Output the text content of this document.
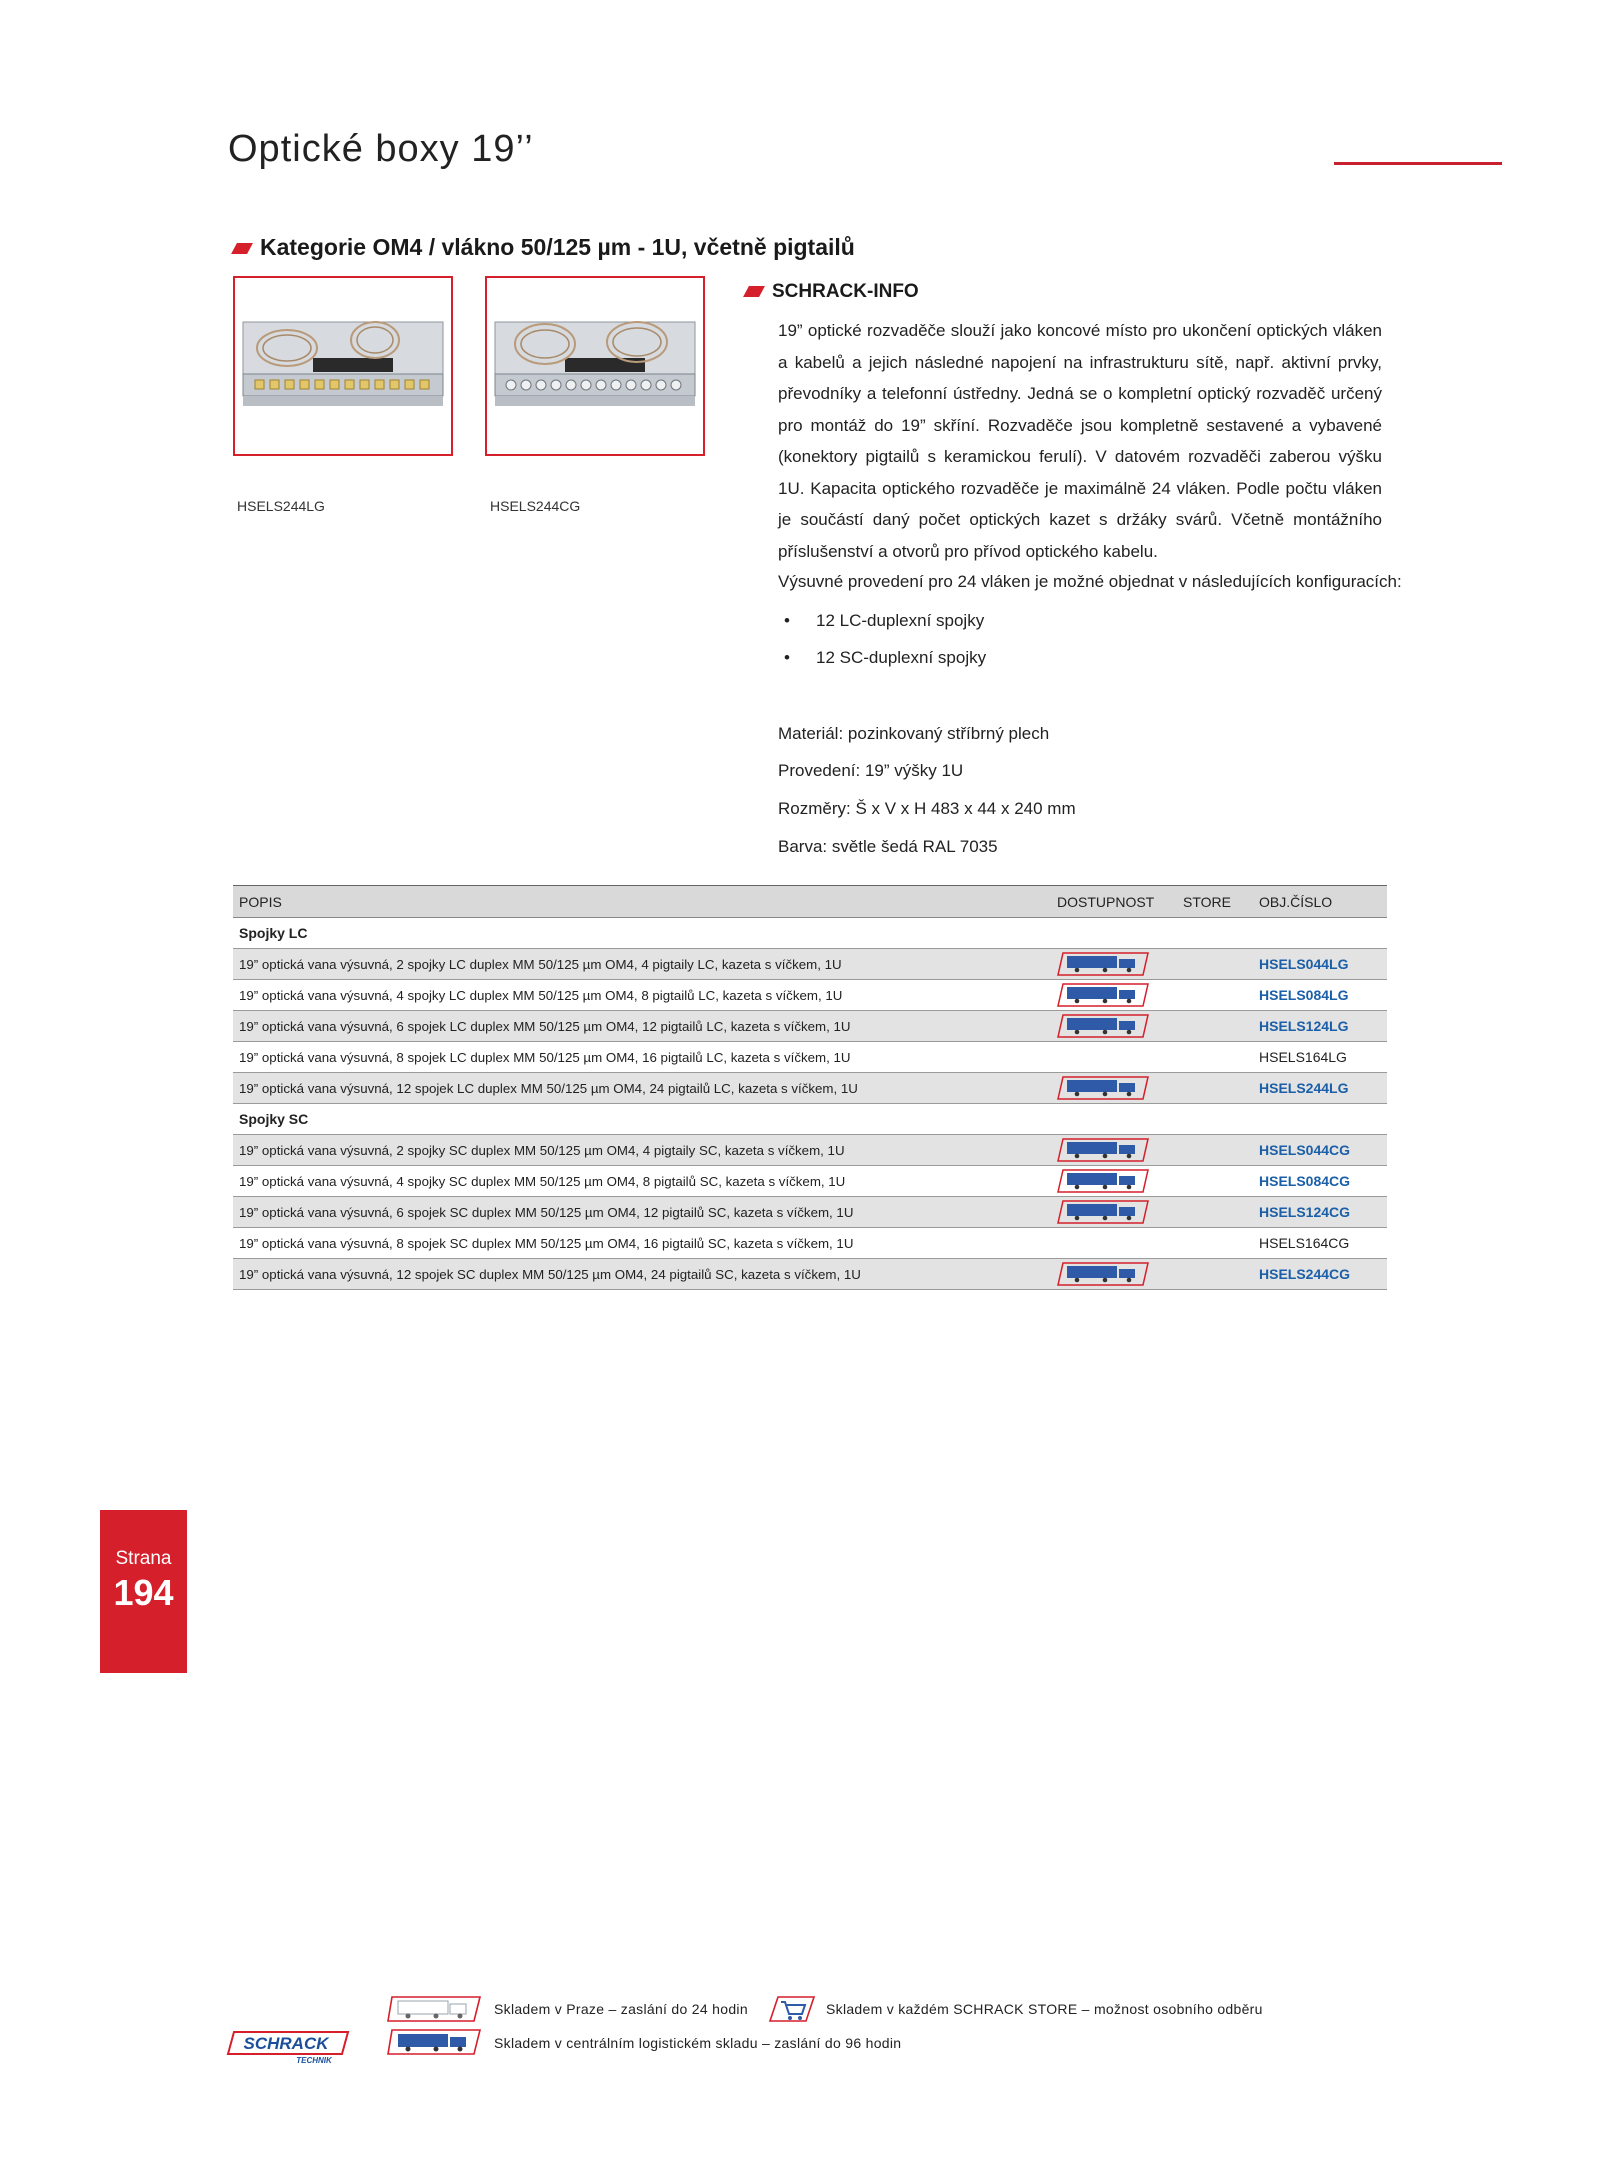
Optické boxy 19’’
Kategorie OM4 / vlákno 50/125 µm - 1U, včetně pigtailů
HSELS244LG	HSELS244CG
SCHRACK-INFO

19” optické rozvaděče slouží jako koncové místo pro ukončení optických vláken a kabelů a jejich následné napojení na infrastrukturu sítě, např. aktivní prvky, převodníky a telefonní ústředny. Jedná se o kompletní optický rozvaděč určený pro montáž do 19” skříní. Rozvaděče jsou kompletně sestavené a vybavené (konektory pigtailů s keramickou ferulí). V datovém rozvaděči zaberou výšku 1U. Kapacita optického rozvaděče je maximálně 24 vláken. Podle počtu vláken je součástí daný počet optických kazet s držáky svárů. Včetně montážního příslušenství a otvorů pro přívod optického kabelu.

Výsuvné provedení pro 24 vláken je možné objednat v následujících konfiguracích:

• 12 LC-duplexní spojky
• 12 SC-duplexní spojky

Materiál: pozinkovaný stříbrný plech

Provedení: 19” výšky 1U

Rozměry: Š x V x H 483 x 44 x 240 mm

Barva: světle šedá RAL 7035

POPIS	DOSTUPNOST	STORE	OBJ.ČÍSLO
Spojky LC			
19” optická vana výsuvná, 2 spojky LC duplex MM 50/125 µm OM4, 4 pigtaily LC, kazeta s víčkem, 1U			HSELS044LG
19” optická vana výsuvná, 4 spojky LC duplex MM 50/125 µm OM4, 8 pigtailů LC, kazeta s víčkem, 1U			HSELS084LG
19” optická vana výsuvná, 6 spojek LC duplex MM 50/125 µm OM4, 12 pigtailů LC, kazeta s víčkem, 1U			HSELS124LG
19” optická vana výsuvná, 8 spojek LC duplex MM 50/125 µm OM4, 16 pigtailů LC, kazeta s víčkem, 1U			HSELS164LG
19” optická vana výsuvná, 12 spojek LC duplex MM 50/125 µm OM4, 24 pigtailů LC, kazeta s víčkem, 1U			HSELS244LG
Spojky SC			
19” optická vana výsuvná, 2 spojky SC duplex MM 50/125 µm OM4, 4 pigtaily SC, kazeta s víčkem, 1U			HSELS044CG
19” optická vana výsuvná, 4 spojky SC duplex MM 50/125 µm OM4, 8 pigtailů SC, kazeta s víčkem, 1U			HSELS084CG
19” optická vana výsuvná, 6 spojek SC duplex MM 50/125 µm OM4, 12 pigtailů SC, kazeta s víčkem, 1U			HSELS124CG
19” optická vana výsuvná, 8 spojek SC duplex MM 50/125 µm OM4, 16 pigtailů SC, kazeta s víčkem, 1U			HSELS164CG
19” optická vana výsuvná, 12 spojek SC duplex MM 50/125 µm OM4, 24 pigtailů SC, kazeta s víčkem, 1U			HSELS244CG
Strana
194
Skladem v Praze – zaslání do 24 hodin	Skladem v každém SCHRACK STORE – možnost osobního odběru
Skladem v centrálním logistickém skladu – zaslání do 96 hodin
SCHRACK
TECHNIK
